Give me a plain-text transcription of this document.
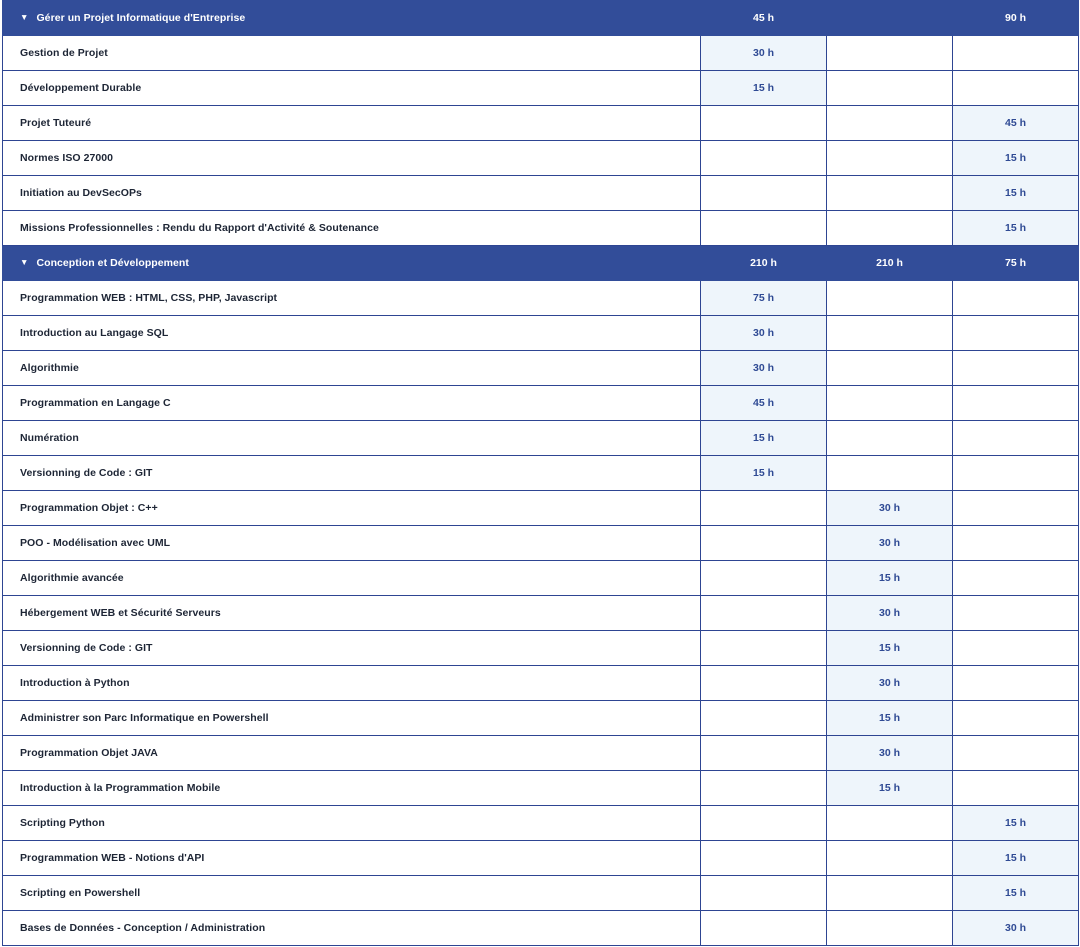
▼ Gérer un Projet Informatique d'Entreprise	45 h		90 h
Gestion de Projet	30 h		
Développement Durable	15 h		
Projet Tuteuré			45 h
Normes ISO 27000			15 h
Initiation au DevSecOPs			15 h
Missions Professionnelles : Rendu du Rapport d'Activité & Soutenance			15 h
▼ Conception et Développement	210 h	210 h	75 h
Programmation WEB : HTML, CSS, PHP, Javascript	75 h		
Introduction au Langage SQL	30 h		
Algorithmie	30 h		
Programmation en Langage C	45 h		
Numération	15 h		
Versionning de Code : GIT	15 h		
Programmation Objet : C++		30 h	
POO - Modélisation avec UML		30 h	
Algorithmie avancée		15 h	
Hébergement WEB et Sécurité Serveurs		30 h	
Versionning de Code : GIT		15 h	
Introduction à Python		30 h	
Administrer son Parc Informatique en Powershell		15 h	
Programmation Objet JAVA		30 h	
Introduction à la Programmation Mobile		15 h	
Scripting Python			15 h
Programmation WEB - Notions d'API			15 h
Scripting en Powershell			15 h
Bases de Données - Conception / Administration			30 h
